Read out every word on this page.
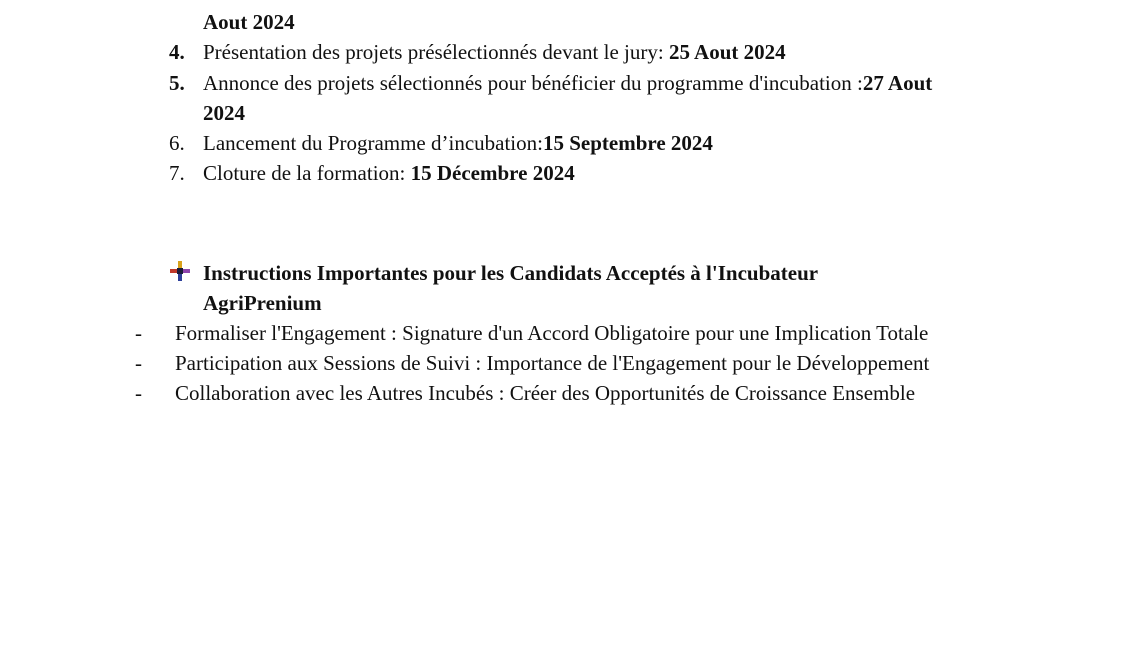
Aout 2024
4. Présentation des projets présélectionnés devant le jury: 25 Aout 2024
5. Annonce des projets sélectionnés pour bénéficier du programme d'incubation :27 Aout
2024
6. Lancement du Programme d’incubation:15 Septembre 2024
7. Cloture de la formation: 15 Décembre 2024
Instructions Importantes pour les Candidats Acceptés à l'Incubateur
AgriPrenium
-	Formaliser l'Engagement : Signature d'un Accord Obligatoire pour une Implication Totale
-	Participation aux Sessions de Suivi : Importance de l'Engagement pour le Développement
-	Collaboration avec les Autres Incubés : Créer des Opportunités de Croissance Ensemble
